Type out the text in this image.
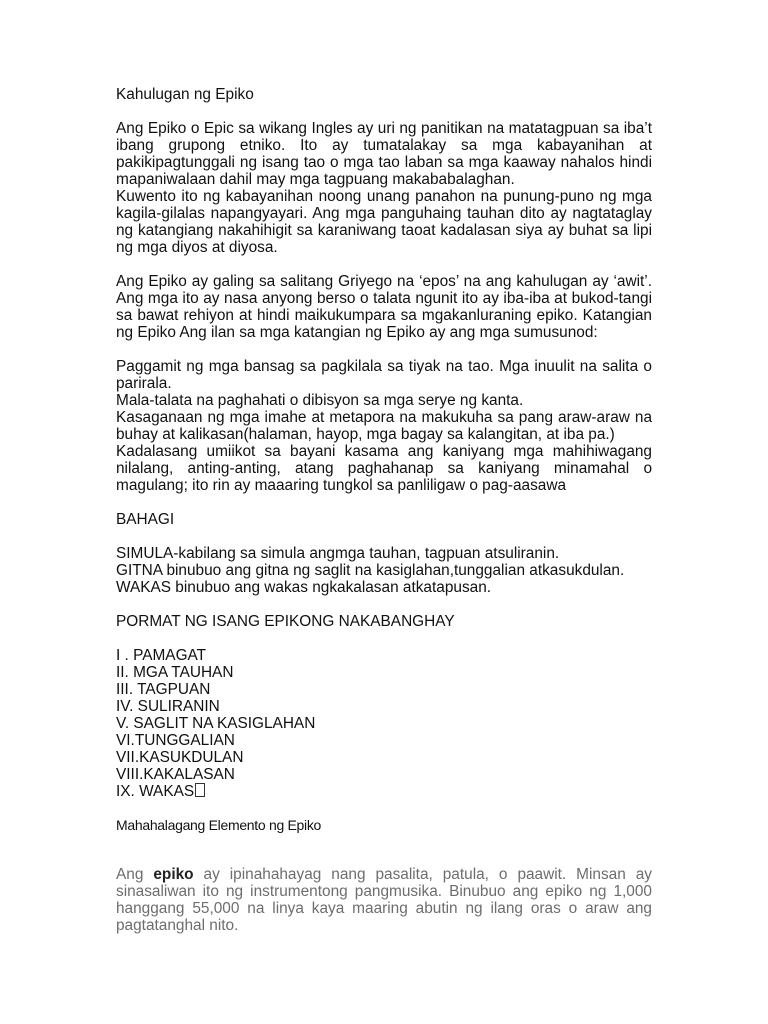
Kahulugan ng Epiko

Ang Epiko o Epic sa wikang Ingles ay uri ng panitikan na matatagpuan sa iba’t ibang grupong etniko. Ito ay tumatalakay sa mga kabayanihan at pakikipagtunggali ng isang tao o mga tao laban sa mga kaaway nahalos hindi mapaniwalaan dahil may mga tagpuang makababalaghan.

Kuwento ito ng kabayanihan noong unang panahon na punung-puno ng mga kagila-gilalas napangyayari. Ang mga panguhaing tauhan dito ay nagtataglay ng katangiang nakahihigit sa karaniwang taoat kadalasan siya ay buhat sa lipi ng mga diyos at diyosa.

Ang Epiko ay galing sa salitang Griyego na ‘epos’ na ang kahulugan ay ‘awit’. Ang mga ito ay nasa anyong berso o talata ngunit ito ay iba-iba at bukod-tangi sa bawat rehiyon at hindi maikukumpara sa mgakanluraning epiko. Katangian ng Epiko Ang ilan sa mga katangian ng Epiko ay ang mga sumusunod:

Paggamit ng mga bansag sa pagkilala sa tiyak na tao. Mga inuulit na salita o parirala.

Mala-talata na paghahati o dibisyon sa mga serye ng kanta.

Kasaganaan ng mga imahe at metapora na makukuha sa pang araw-araw na buhay at kalikasan(halaman, hayop, mga bagay sa kalangitan, at iba pa.)

Kadalasang umiikot sa bayani kasama ang kaniyang mga mahihiwagang nilalang, anting-anting, atang paghahanap sa kaniyang minamahal o magulang; ito rin ay maaaring tungkol sa panliligaw o pag-aasawa

BAHAGI

SIMULA-kabilang sa simula angmga tauhan, tagpuan atsuliranin.

GITNA binubuo ang gitna ng saglit na kasiglahan,tunggalian atkasukdulan.

WAKAS binubuo ang wakas ngkakalasan atkatapusan.

PORMAT NG ISANG EPIKONG NAKABANGHAY

I . PAMAGAT

II. MGA TAUHAN

III. TAGPUAN

IV. SULIRANIN

V. SAGLIT NA KASIGLAHAN

VI.TUNGGALIAN

VII.KASUKDULAN

VIII.KAKALASAN

IX. WAKAS

Mahahalagang Elemento ng Epiko

Ang epiko ay ipinahahayag nang pasalita, patula, o paawit. Minsan ay sinasaliwan ito ng instrumentong pangmusika. Binubuo ang epiko ng 1,000 hanggang 55,000 na linya kaya maaring abutin ng ilang oras o araw ang pagtatanghal nito.
